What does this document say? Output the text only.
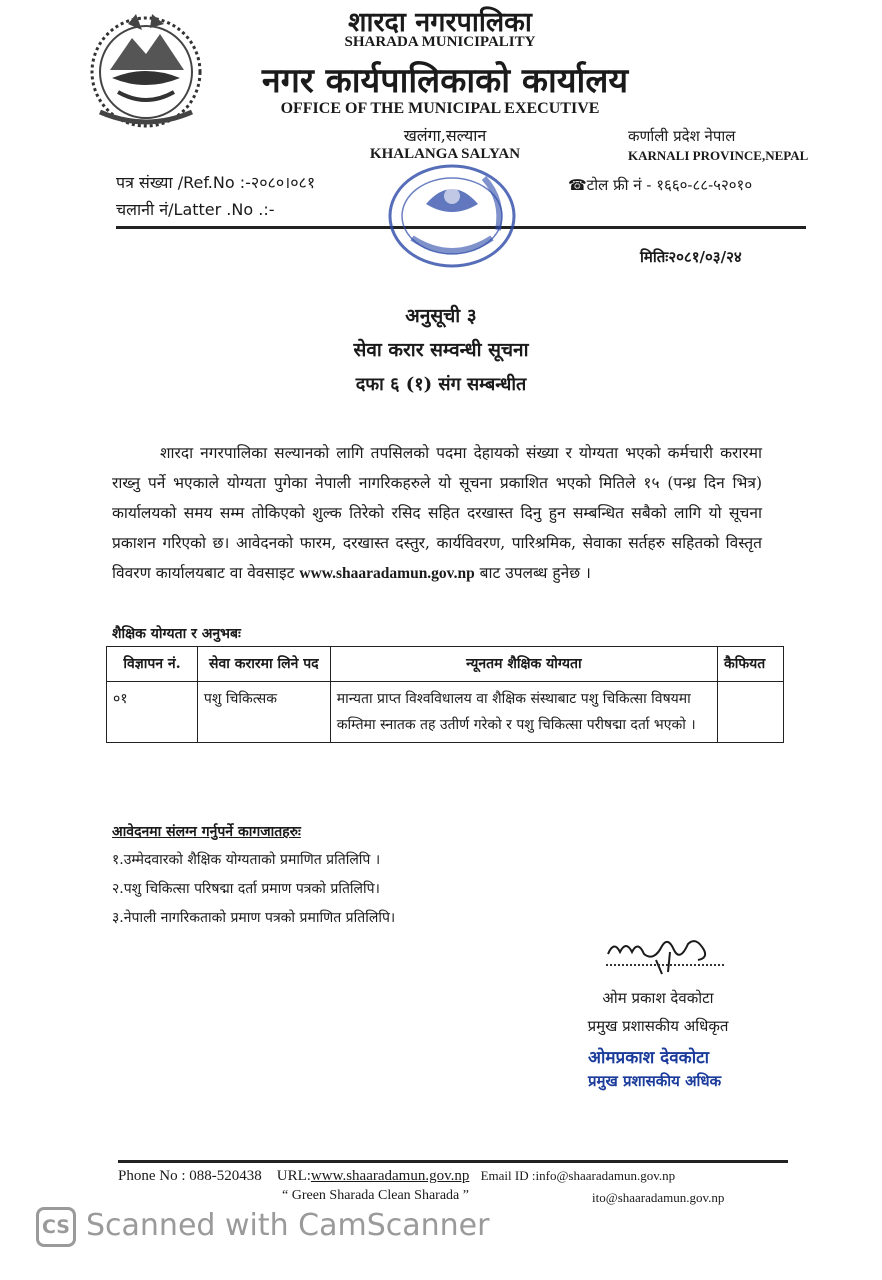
शारदा नगरपालिका
SHARADA MUNICIPALITY
नगर कार्यपालिकाको कार्यालय
OFFICE OF THE MUNICIPAL EXECUTIVE
खलंगा,सल्यान
KHALANGA SALYAN
कर्णाली प्रदेश नेपाल
KARNALI PROVINCE,NEPAL
पत्र संख्या /Ref.No :-२०८०।०८१
चलानी नं/Latter .No .:-
☎टोल फ्री नं - १६६०-८८-५२०१०
मितिः२०८१/०३/२४
अनुसूची ३
सेवा करार सम्वन्धी सूचना
दफा ६ (१) संग सम्बन्धीत
शारदा नगरपालिका सल्यानको लागि तपसिलको पदमा देहायको संख्या र योग्यता भएको कर्मचारी करारमा राख्नु पर्ने भएकाले योग्यता पुगेका नेपाली नागरिकहरुले यो सूचना प्रकाशित भएको मितिले १५ (पन्ध्र दिन भित्र) कार्यालयको समय सम्म तोकिएको शुल्क तिरेको रसिद सहित दरखास्त दिनु हुन सम्बन्धित सबैको लागि यो सूचना प्रकाशन गरिएको छ। आवेदनको फारम, दरखास्त दस्तुर, कार्यविवरण, पारिश्रमिक, सेवाका सर्तहरु सहितको विस्तृत विवरण कार्यालयबाट वा वेवसाइट www.shaaradamun.gov.np बाट उपलब्ध हुनेछ ।
शैक्षिक योग्यता र अनुभबः
विज्ञापन नं.	सेवा करारमा लिने पद	न्यूनतम शैक्षिक योग्यता	कैफियत
०१	पशु चिकित्सक	मान्यता प्राप्त विश्वविधालय वा शैक्षिक संस्थाबाट पशु चिकित्सा विषयमा कम्तिमा स्नातक तह उतीर्ण गरेको र पशु चिकित्सा परीषद्मा दर्ता भएको ।	
आवेदनमा संलग्न गर्नुपर्ने कागजातहरुः
१.उम्मेदवारको शैक्षिक योग्यताको प्रमाणित प्रतिलिपि ।
२.पशु चिकित्सा परिषद्मा दर्ता प्रमाण पत्रको प्रतिलिपि।
३.नेपाली नागरिकताको प्रमाण पत्रको प्रमाणित प्रतिलिपि।
ओम प्रकाश देवकोटा
प्रमुख प्रशासकीय अधिकृत
ओमप्रकाश देवकोटा
प्रमुख प्रशासकीय अधिक
Phone No : 088-520438 URL:www.shaaradamun.gov.np Email ID :info@shaaradamun.gov.np
“ Green Sharada Clean Sharada ”	ito@shaaradamun.gov.np
CS Scanned with CamScanner
